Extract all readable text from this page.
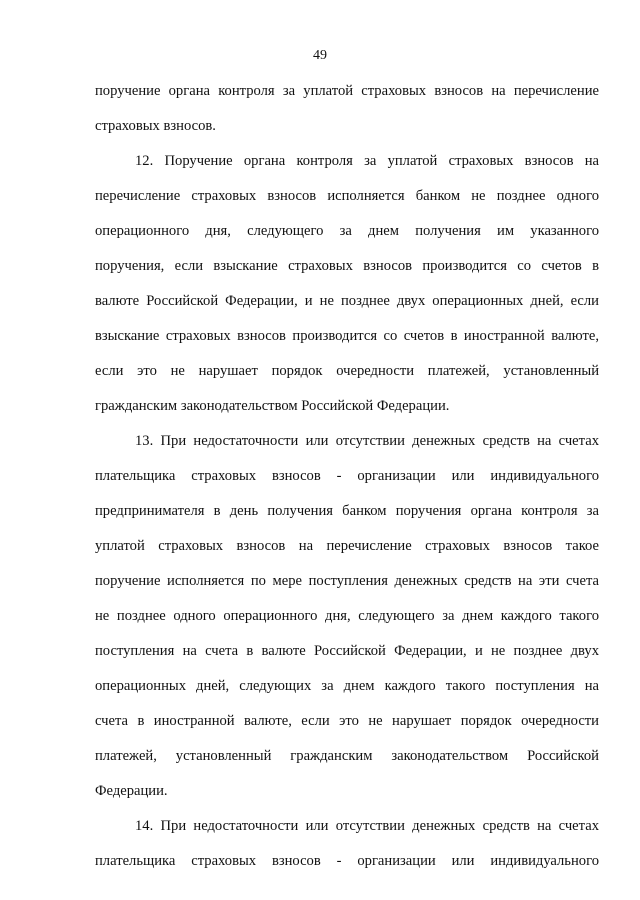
49
поручение органа контроля за уплатой страховых взносов на перечисление
страховых взносов.
12. Поручение органа контроля за уплатой страховых взносов на
перечисление страховых взносов исполняется банком не позднее одного
операционного дня, следующего за днем получения им указанного
поручения, если взыскание страховых взносов производится со счетов в
валюте Российской Федерации, и не позднее двух операционных дней, если
взыскание страховых взносов производится со счетов в иностранной валюте,
если это не нарушает порядок очередности платежей, установленный
гражданским законодательством Российской Федерации.
13. При недостаточности или отсутствии денежных средств на счетах
плательщика страховых взносов - организации или индивидуального
предпринимателя в день получения банком поручения органа контроля за
уплатой страховых взносов на перечисление страховых взносов такое
поручение исполняется по мере поступления денежных средств на эти счета
не позднее одного операционного дня, следующего за днем каждого такого
поступления на счета в валюте Российской Федерации, и не позднее двух
операционных дней, следующих за днем каждого такого поступления на
счета в иностранной валюте, если это не нарушает порядок очередности
платежей, установленный гражданским законодательством Российской
Федерации.
14. При недостаточности или отсутствии денежных средств на счетах
плательщика страховых взносов - организации или индивидуального
